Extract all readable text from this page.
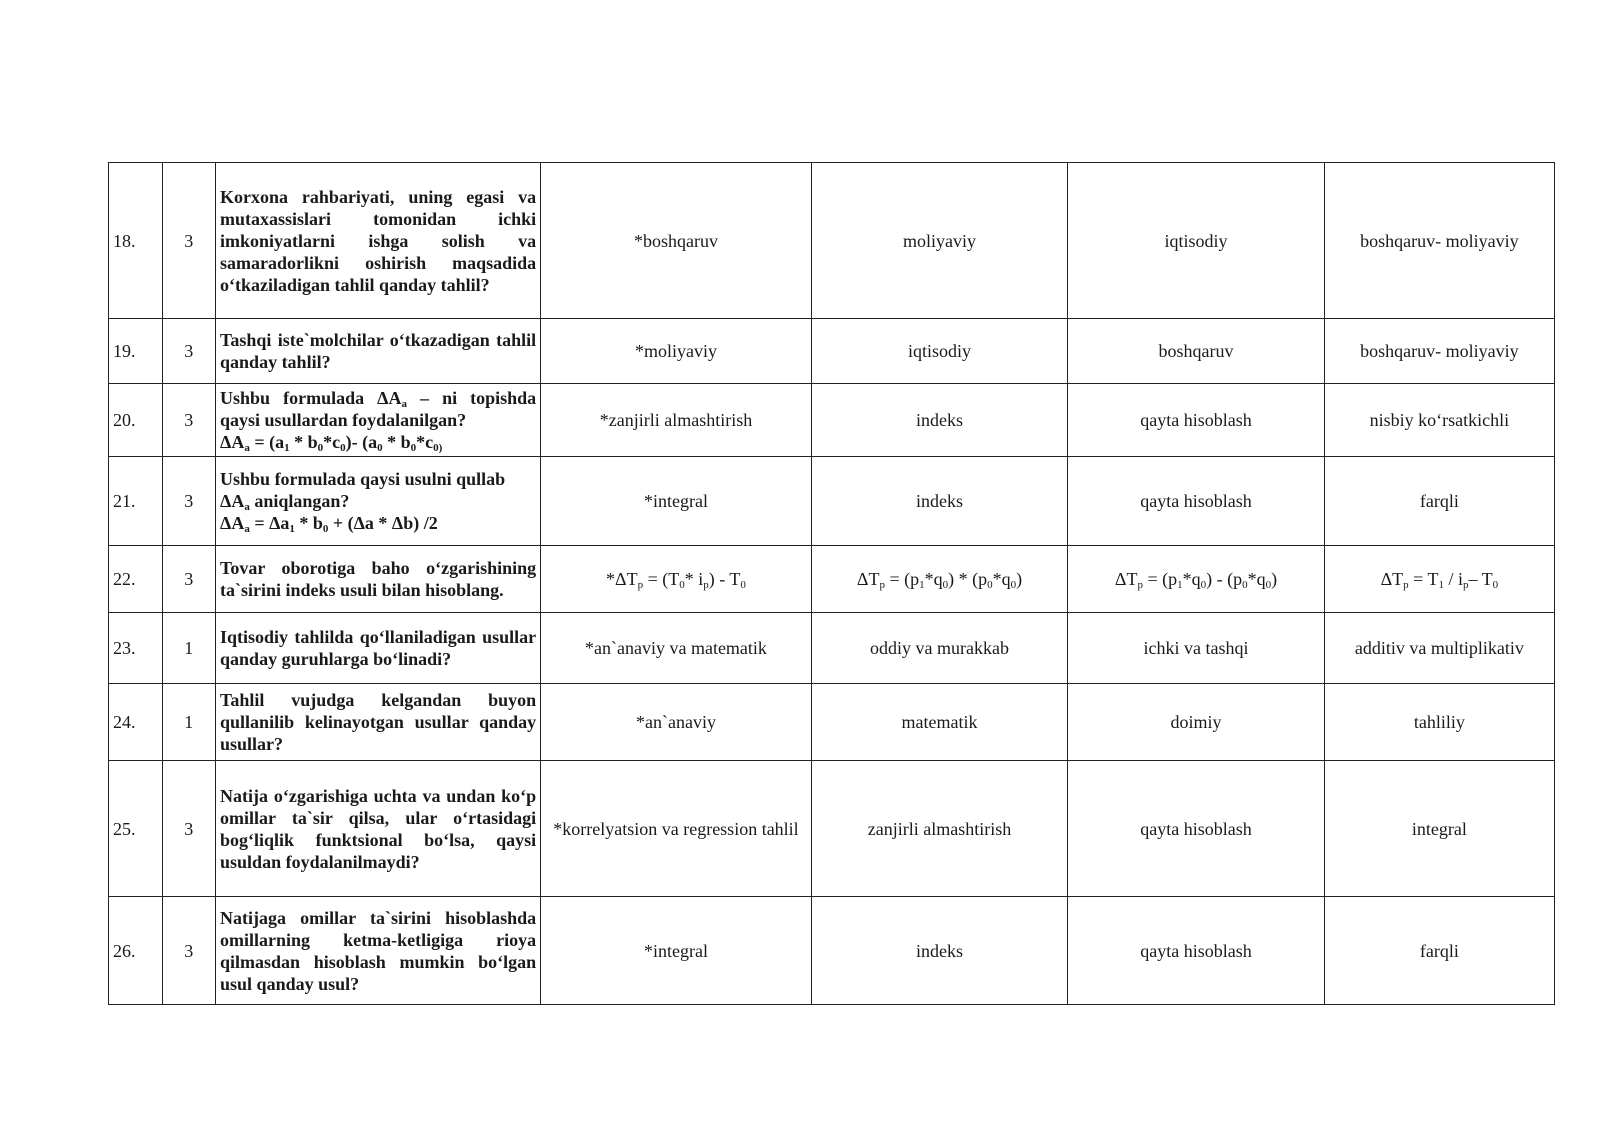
18.	3	Korxona rahbariyati, uning egasi va mutaxassislari tomonidan ichki imkoniyatlarni ishga solish va samaradorlikni oshirish maqsadida o‘tkaziladigan tahlil qanday tahlil?	*boshqaruv	moliyaviy	iqtisodiy	boshqaruv- moliyaviy
19.	3	Tashqi iste`molchilar o‘tkazadigan tahlil qanday tahlil?	*moliyaviy	iqtisodiy	boshqaruv	boshqaruv- moliyaviy
20.	3	Ushbu formulada $\Delta A_a$ – ni topishda qaysi usullardan foydalanilgan?
$\Delta A_a = (a_1 * b_0*c_0)-$ ($a_0 * b_0*c_{0)}$	*zanjirli almashtirish	indeks	qayta hisoblash	nisbiy ko‘rsatkichli
21.	3	Ushbu formulada qaysi usulni qullab
$\Delta A_a$ aniqlangan?
$\Delta A_a = \Delta a_1 * b_0 + (\Delta a * \Delta b)$ /2	*integral	indeks	qayta hisoblash	farqli
22.	3	Tovar oborotiga baho o‘zgarishining ta`sirini indeks usuli bilan hisoblang.	$*\Delta T_p = (T_0*$ $i_p) - T_0$	$\Delta T_p = (p_1*q_0) * (p_0*q_0)$	$\Delta T_p = (p_1*q_0) - (p_0*q_0)$	$\Delta T_p = T_1 / i_p-$ $T_0$
23.	1	Iqtisodiy tahlilda qo‘llaniladigan usullar qanday guruhlarga bo‘linadi?	*an`anaviy va matematik	oddiy va murakkab	ichki va tashqi	additiv va multiplikativ
24.	1	Tahlil vujudga kelgandan buyon qullanilib kelinayotgan usullar qanday usullar?	*an`anaviy	matematik	doimiy	tahliliy
25.	3	Natija o‘zgarishiga uchta va undan ko‘p omillar ta`sir qilsa, ular o‘rtasidagi bog‘liqlik funktsional bo‘lsa, qaysi usuldan foydalanilmaydi?	*korrelyatsion va regression tahlil	zanjirli almashtirish	qayta hisoblash	integral
26.	3	Natijaga omillar ta`sirini hisoblashda omillarning ketma-ketligiga rioya qilmasdan hisoblash mumkin bo‘lgan usul qanday usul?	*integral	indeks	qayta hisoblash	farqli
